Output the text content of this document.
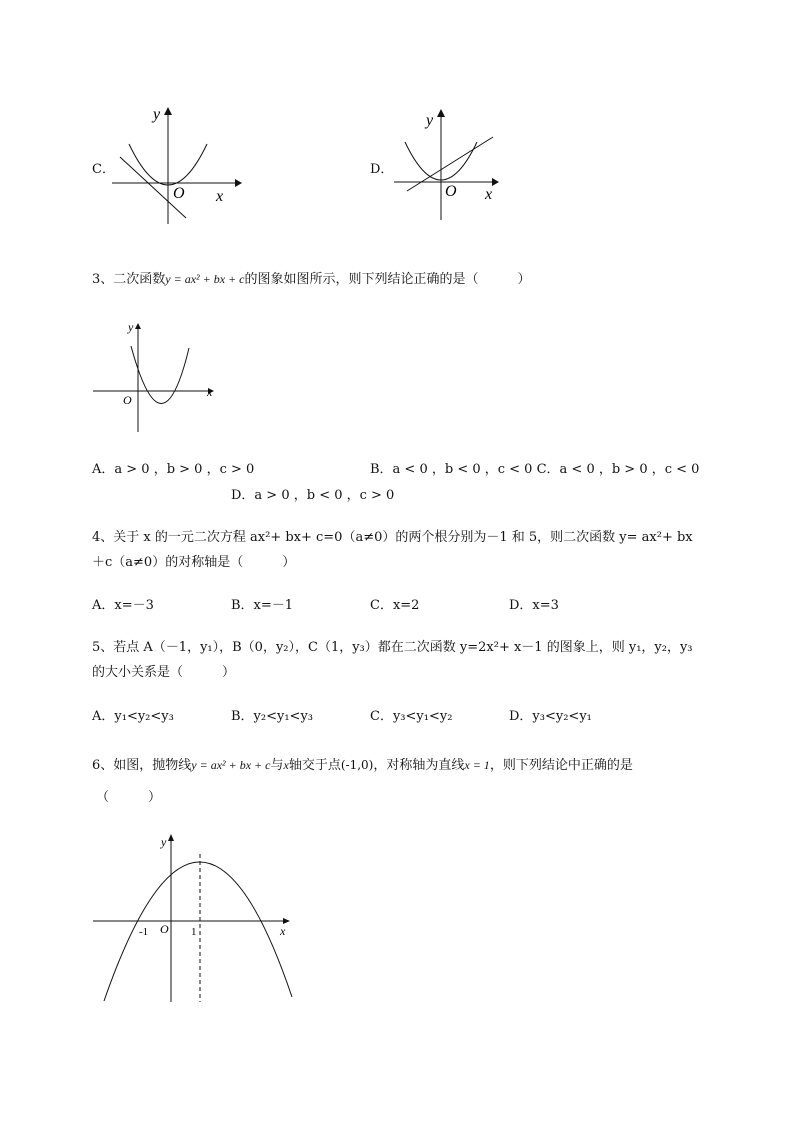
C．
y
x
O
D．
y
x
O
3、二次函数y = ax² + bx + c的图象如图所示，则下列结论正确的是（　　　）
y
x
O
A．a > 0 ，b > 0 ，c > 0	B．a < 0 ，b < 0 ，c < 0 C．a < 0 ，b > 0 ，c < 0
D．a > 0 ，b < 0 ，c > 0
4、关于 x 的一元二次方程 ax²+ bx+ c=0（a≠0）的两个根分别为－1 和 5，则二次函数 y= ax²+ bx
＋c（a≠0）的对称轴是（　　　）
A．x=－3	B．x=－1	C．x=2	D．x=3
5、若点 A（－1，y₁），B（0，y₂），C（1，y₃）都在二次函数 y=2x²+ x－1 的图象上，则 y₁，y₂，y₃
的大小关系是（　　　）
A．y₁<y₂<y₃	B．y₂<y₁<y₃	C．y₃<y₁<y₂	D．y₃<y₂<y₁
6、如图，抛物线y = ax² + bx + c与x轴交于点(-1,0)，对称轴为直线x = 1，则下列结论中正确的是
（　　　）
y
x
O
-1	1
